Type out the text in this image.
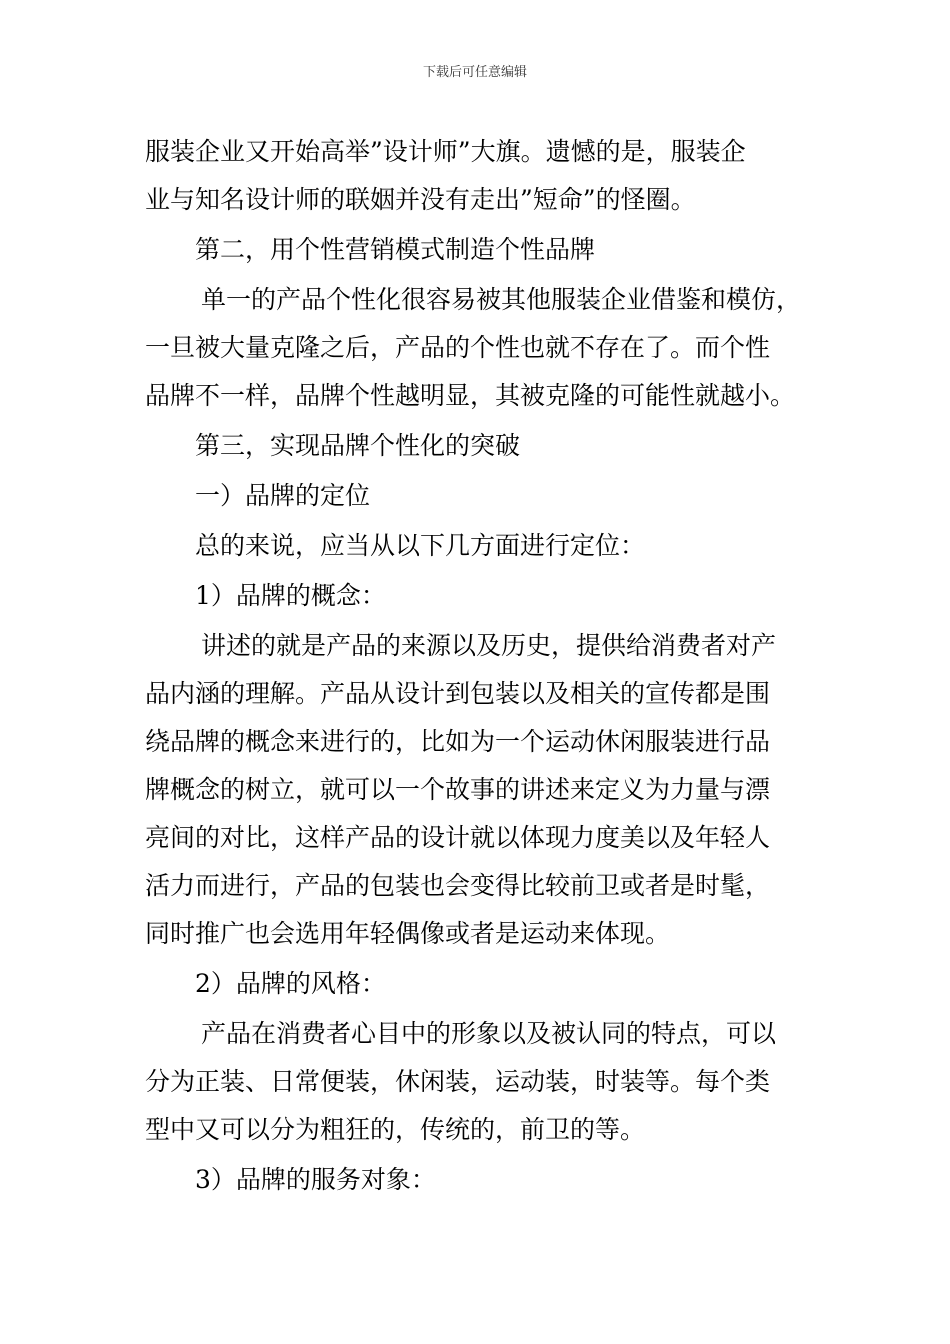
下载后可任意编辑
服装企业又开始高举”设计师”大旗。遗憾的是，服装企
业与知名设计师的联姻并没有走出”短命”的怪圈。
第二，用个性营销模式制造个性品牌
单一的产品个性化很容易被其他服装企业借鉴和模仿，
一旦被大量克隆之后，产品的个性也就不存在了。而个性
品牌不一样，品牌个性越明显，其被克隆的可能性就越小。
第三，实现品牌个性化的突破
一）品牌的定位
总的来说，应当从以下几方面进行定位：
1）品牌的概念：
讲述的就是产品的来源以及历史，提供给消费者对产
品内涵的理解。产品从设计到包装以及相关的宣传都是围
绕品牌的概念来进行的，比如为一个运动休闲服装进行品
牌概念的树立，就可以一个故事的讲述来定义为力量与漂
亮间的对比，这样产品的设计就以体现力度美以及年轻人
活力而进行，产品的包装也会变得比较前卫或者是时髦，
同时推广也会选用年轻偶像或者是运动来体现。
2）品牌的风格：
产品在消费者心目中的形象以及被认同的特点，可以
分为正装、日常便装，休闲装，运动装，时装等。每个类
型中又可以分为粗狂的，传统的，前卫的等。
3）品牌的服务对象：
